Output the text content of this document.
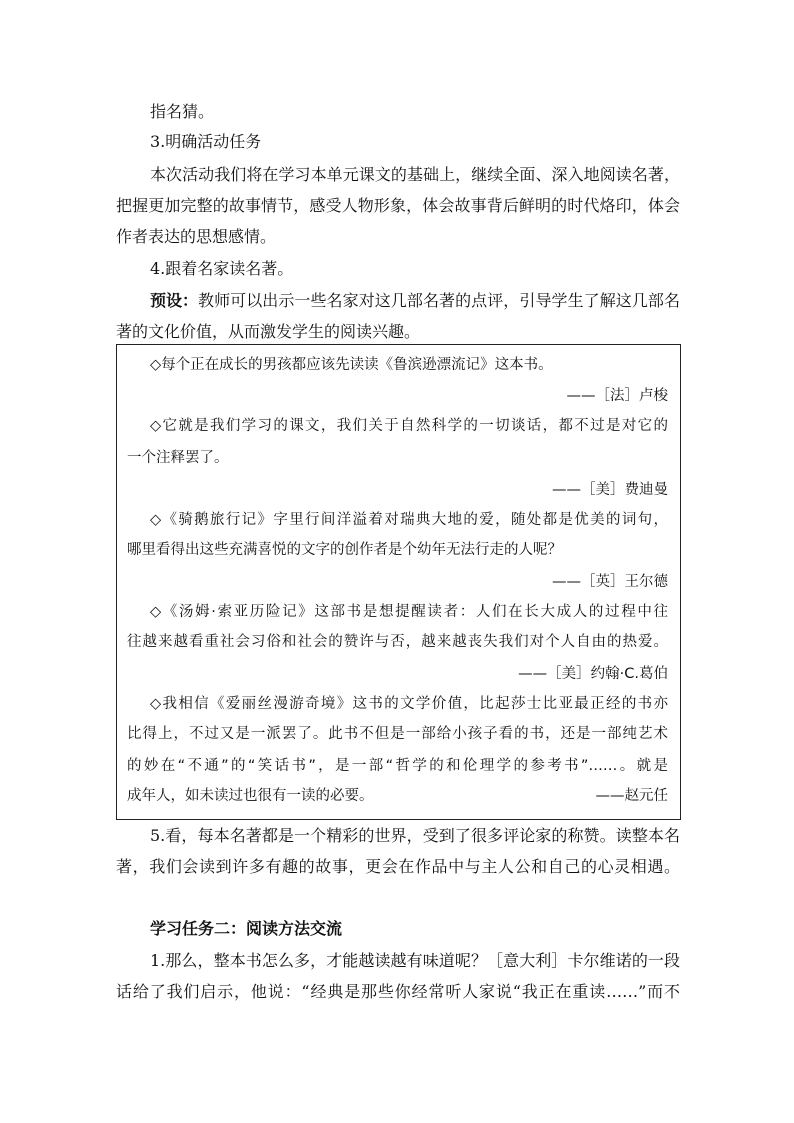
指名猜。
3.明确活动任务
本次活动我们将在学习本单元课文的基础上，继续全面、深入地阅读名著，
把握更加完整的故事情节，感受人物形象，体会故事背后鲜明的时代烙印，体会
作者表达的思想感情。
4.跟着名家读名著。
预设： 教师可以出示一些名家对这几部名著的点评，引导学生了解这几部名
著的文化价值，从而激发学生的阅读兴趣。
◇每个正在成长的男孩都应该先读读《鲁滨逊漂流记》这本书。
——［法］卢梭
◇它就是我们学习的课文，我们关于自然科学的一切谈话，都不过是对它的
一个注释罢了。
——［美］费迪曼
◇《骑鹅旅行记》字里行间洋溢着对瑞典大地的爱，随处都是优美的词句，
哪里看得出这些充满喜悦的文字的创作者是个幼年无法行走的人呢？
——［英］王尔德
◇《汤姆·索亚历险记》这部书是想提醒读者：人们在长大成人的过程中往
往越来越看重社会习俗和社会的赞许与否，越来越丧失我们对个人自由的热爱。
——［美］约翰·C.葛伯
◇我相信《爱丽丝漫游奇境》这书的文学价值，比起莎士比亚最正经的书亦
比得上，不过又是一派罢了。此书不但是一部给小孩子看的书，还是一部纯艺术
的妙在“不通”的“笑话书”，是一部“哲学的和伦理学的参考书”……。就是
成年人，如未读过也很有一读的必要。	——赵元任
5.看，每本名著都是一个精彩的世界，受到了很多评论家的称赞。读整本名
著，我们会读到许多有趣的故事，更会在作品中与主人公和自己的心灵相遇。
学习任务二：阅读方法交流
1.那么，整本书怎么多，才能越读越有味道呢？［意大利］卡尔维诺的一段
话给了我们启示，他说：“经典是那些你经常听人家说“我正在重读……”而不
